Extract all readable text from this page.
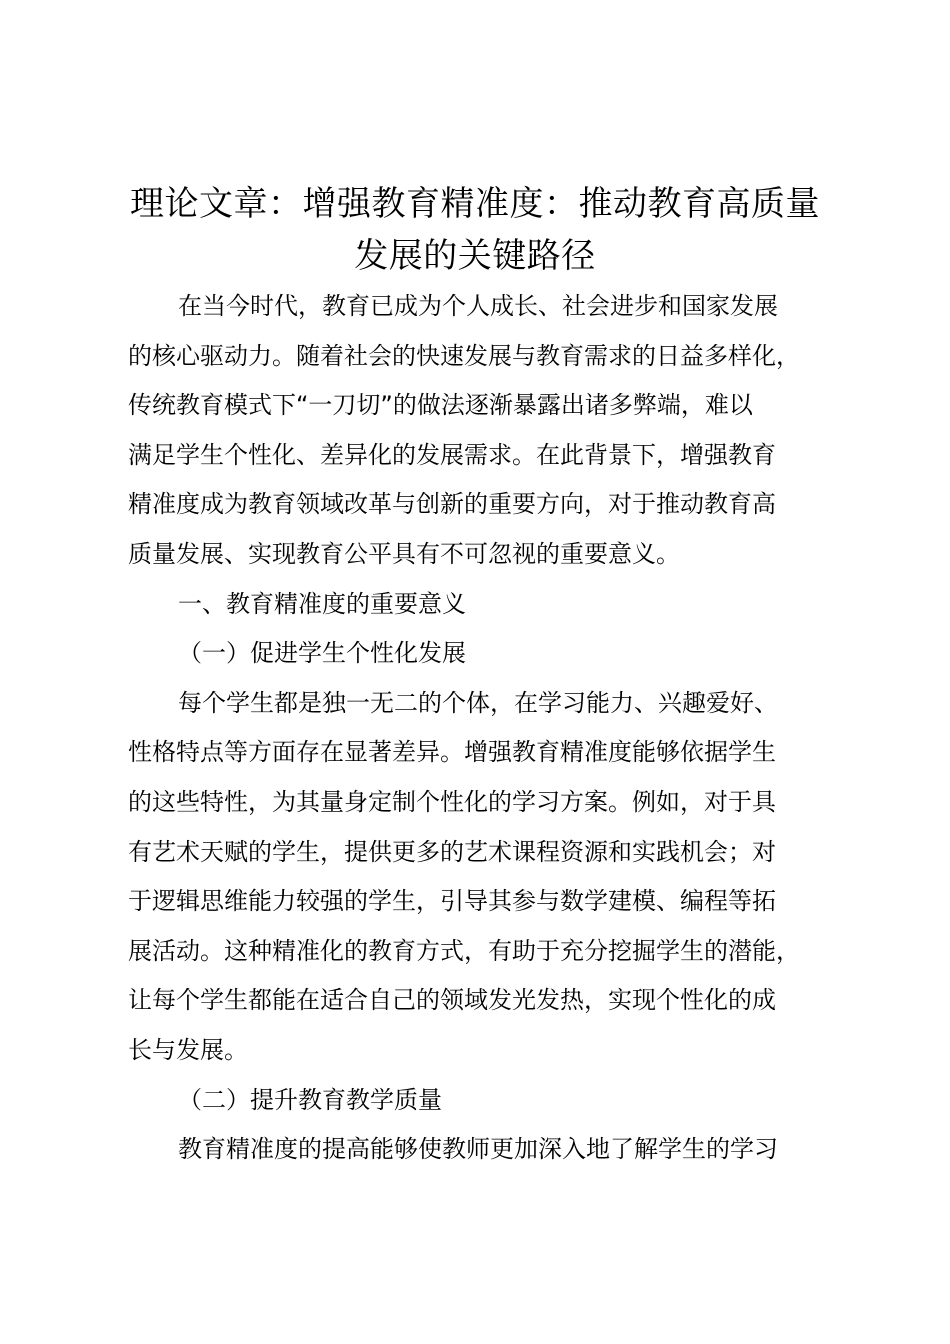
理论文章：增强教育精准度：推动教育高质量
发展的关键路径
在当今时代，教育已成为个人成长、社会进步和国家发展
的核心驱动力。随着社会的快速发展与教育需求的日益多样化，
传统教育模式下“一刀切”的做法逐渐暴露出诸多弊端，难以
满足学生个性化、差异化的发展需求。在此背景下，增强教育
精准度成为教育领域改革与创新的重要方向，对于推动教育高
质量发展、实现教育公平具有不可忽视的重要意义。
一、教育精准度的重要意义
（一）促进学生个性化发展
每个学生都是独一无二的个体，在学习能力、兴趣爱好、
性格特点等方面存在显著差异。增强教育精准度能够依据学生
的这些特性，为其量身定制个性化的学习方案。例如，对于具
有艺术天赋的学生，提供更多的艺术课程资源和实践机会；对
于逻辑思维能力较强的学生，引导其参与数学建模、编程等拓
展活动。这种精准化的教育方式，有助于充分挖掘学生的潜能，
让每个学生都能在适合自己的领域发光发热，实现个性化的成
长与发展。
（二）提升教育教学质量
教育精准度的提高能够使教师更加深入地了解学生的学习
